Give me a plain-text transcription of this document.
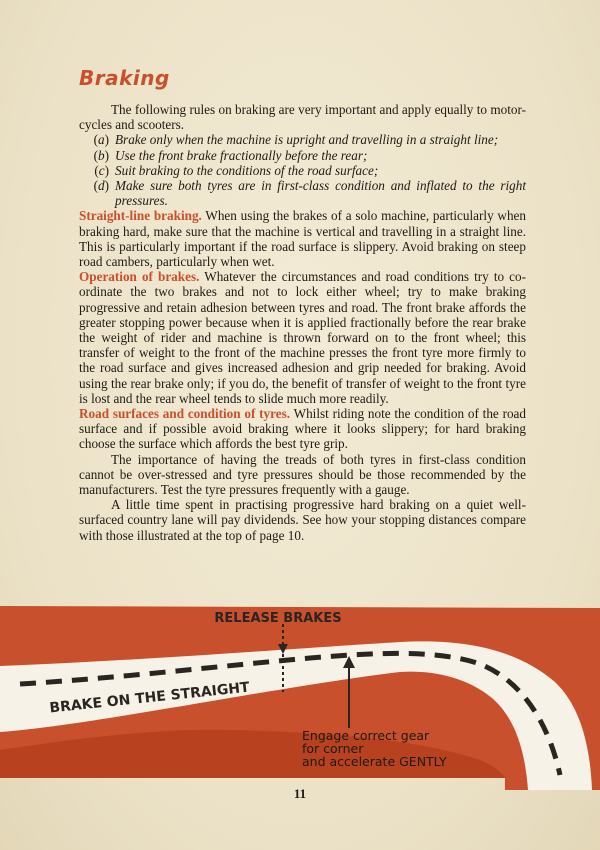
Braking

The following rules on braking are very important and apply equally to motor-cycles and scooters.

(a) Brake only when the machine is upright and travelling in a straight line;
(b) Use the front brake fractionally before the rear;
(c) Suit braking to the conditions of the road surface;
(d) Make sure both tyres are in first-class condition and inflated to the right pressures.

Straight-line braking. When using the brakes of a solo machine, particularly when braking hard, make sure that the machine is vertical and travelling in a straight line. This is particularly important if the road surface is slippery. Avoid braking on steep road cambers, particularly when wet.

Operation of brakes. Whatever the circumstances and road conditions try to co-ordinate the two brakes and not to lock either wheel; try to make braking progressive and retain adhesion between tyres and road. The front brake affords the greater stopping power because when it is applied fractionally before the rear brake the weight of rider and machine is thrown forward on to the front wheel; this transfer of weight to the front of the machine presses the front tyre more firmly to the road surface and gives increased adhesion and grip needed for braking. Avoid using the rear brake only; if you do, the benefit of transfer of weight to the front tyre is lost and the rear wheel tends to slide much more readily.

Road surfaces and condition of tyres. Whilst riding note the condition of the road surface and if possible avoid braking where it looks slippery; for hard braking choose the surface which affords the best tyre grip.

The importance of having the treads of both tyres in first-class condition cannot be over-stressed and tyre pressures should be those recommended by the manufacturers. Test the tyre pressures frequently with a gauge.

A little time spent in practising progressive hard braking on a quiet well-surfaced country lane will pay dividends. See how your stopping distances compare with those illustrated at the top of page 10.

RELEASE BRAKES
BRAKE ON THE STRAIGHT
Engage correct gear
for corner
and accelerate GENTLY
11
